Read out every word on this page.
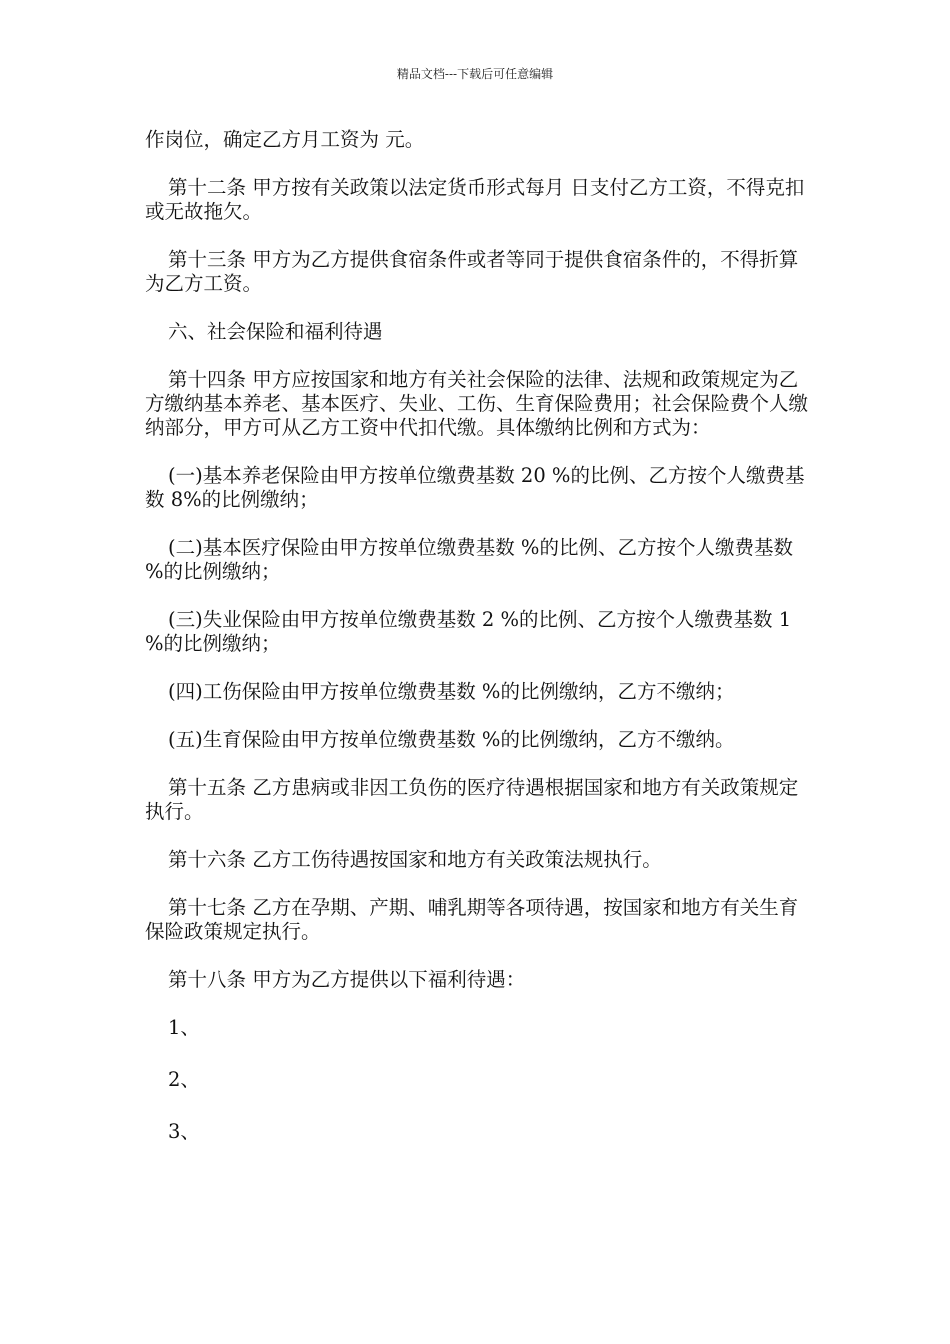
精品文档---下载后可任意编辑

作岗位，确定乙方月工资为 元。

第十二条 甲方按有关政策以法定货币形式每月 日支付乙方工资，不得克扣或无故拖欠。

第十三条 甲方为乙方提供食宿条件或者等同于提供食宿条件的，不得折算为乙方工资。

六、社会保险和福利待遇

第十四条 甲方应按国家和地方有关社会保险的法律、法规和政策规定为乙方缴纳基本养老、基本医疗、失业、工伤、生育保险费用；社会保险费个人缴纳部分，甲方可从乙方工资中代扣代缴。具体缴纳比例和方式为：

(一)基本养老保险由甲方按单位缴费基数 20 %的比例、乙方按个人缴费基数 8%的比例缴纳；

(二)基本医疗保险由甲方按单位缴费基数 %的比例、乙方按个人缴费基数 %的比例缴纳；

(三)失业保险由甲方按单位缴费基数 2 %的比例、乙方按个人缴费基数 1 %的比例缴纳；

(四)工伤保险由甲方按单位缴费基数 %的比例缴纳，乙方不缴纳；

(五)生育保险由甲方按单位缴费基数 %的比例缴纳，乙方不缴纳。

第十五条 乙方患病或非因工负伤的医疗待遇根据国家和地方有关政策规定执行。

第十六条 乙方工伤待遇按国家和地方有关政策法规执行。

第十七条 乙方在孕期、产期、哺乳期等各项待遇，按国家和地方有关生育保险政策规定执行。

第十八条 甲方为乙方提供以下福利待遇：

1、

2、

3、
